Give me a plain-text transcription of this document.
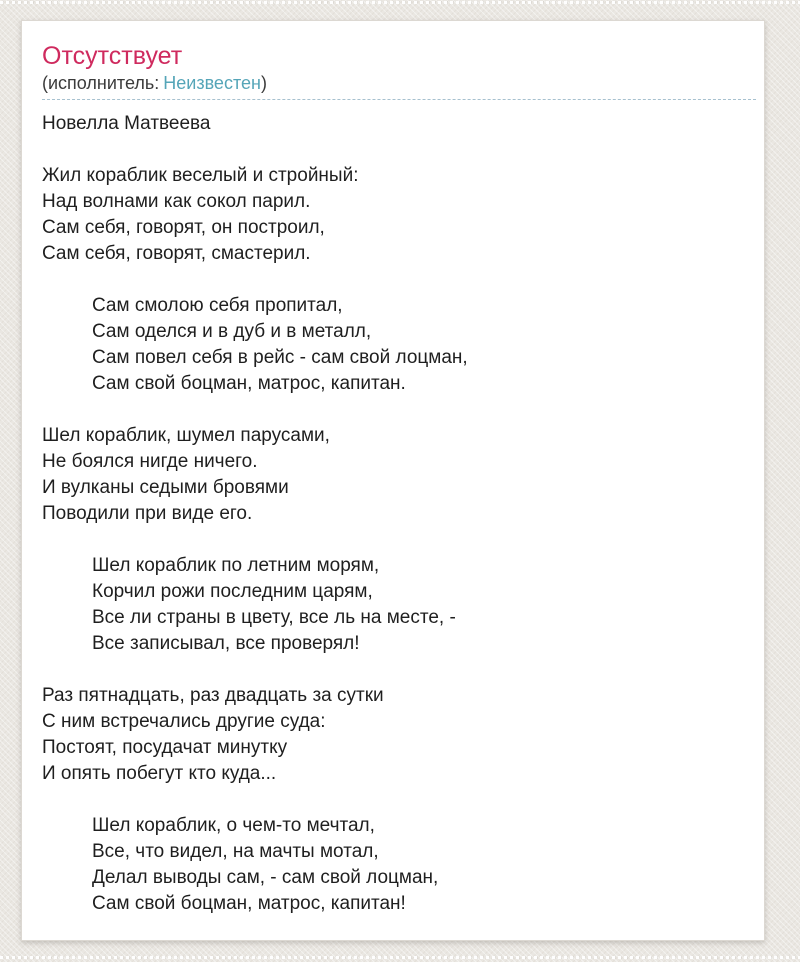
Отсутствует
(исполнитель: Неизвестен)

Новелла Матвеева

Жил кораблик веселый и стройный:
Над волнами как сокол парил.
Сам себя, говорят, он построил,
Сам себя, говорят, смастерил.
Сам смолою себя пропитал,
Сам оделся и в дуб и в металл,
Сам повел себя в рейс - сам свой лоцман,
Сам свой боцман, матрос, капитан.
Шел кораблик, шумел парусами,
Не боялся нигде ничего.
И вулканы седыми бровями
Поводили при виде его.
Шел кораблик по летним морям,
Корчил рожи последним царям,
Все ли страны в цвету, все ль на месте, -
Все записывал, все проверял!
Раз пятнадцать, раз двадцать за сутки
С ним встречались другие суда:
Постоят, посудачат минутку
И опять побегут кто куда...
Шел кораблик, о чем-то мечтал,
Все, что видел, на мачты мотал,
Делал выводы сам, - сам свой лоцман,
Сам свой боцман, матрос, капитан!
